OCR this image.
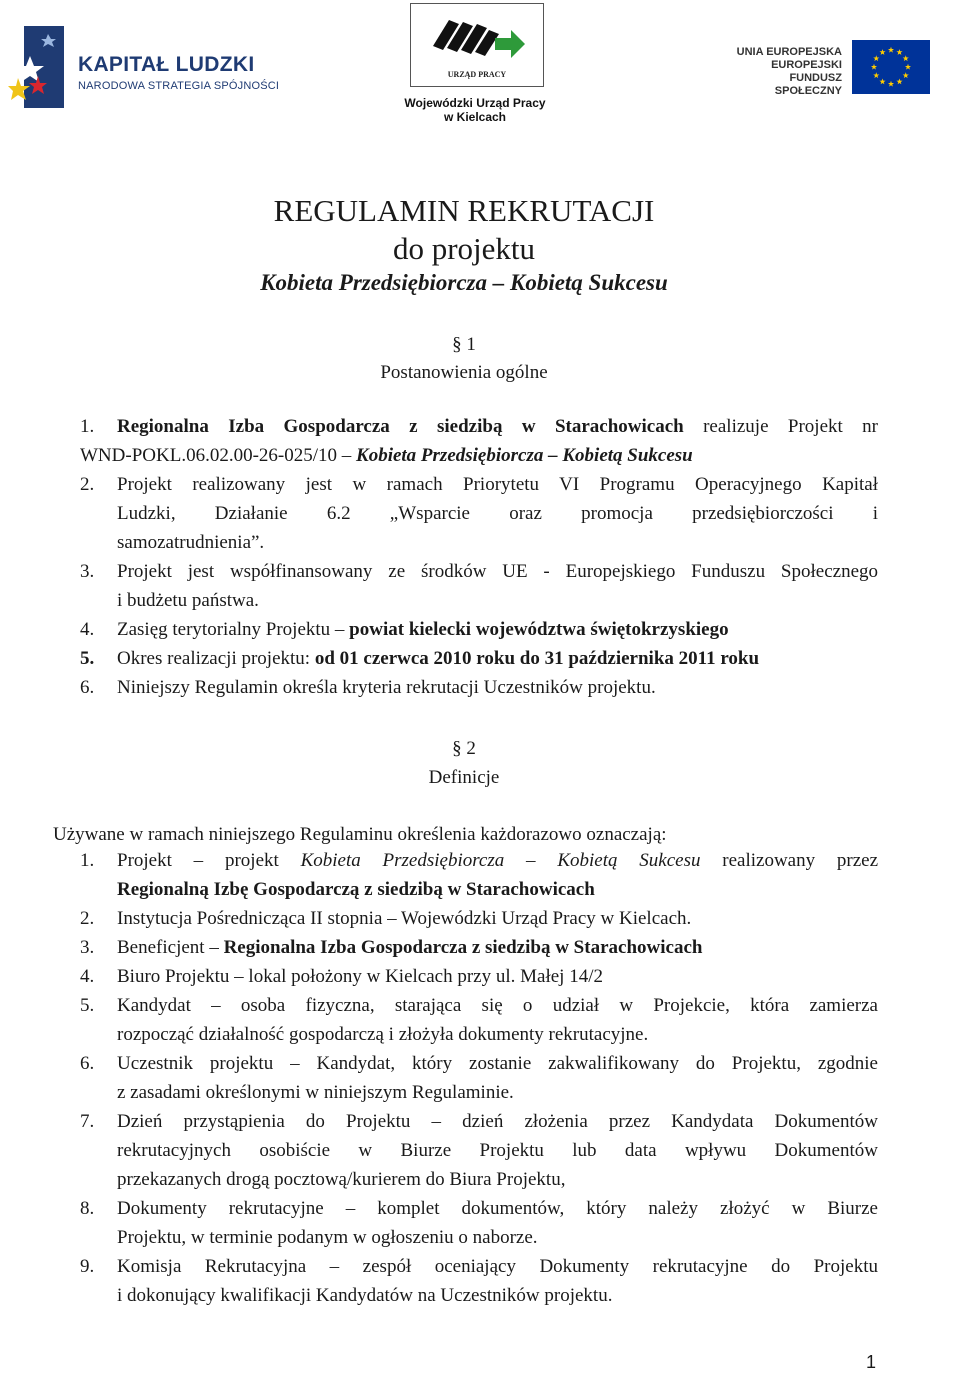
KAPITAŁ LUDZKI
NARODOWA STRATEGIA SPÓJNOŚCI
URZĄD PRACY
Wojewódzki Urząd Pracy
w Kielcach
UNIA EUROPEJSKA
EUROPEJSKI
FUNDUSZ SPOŁECZNY
REGULAMIN REKRUTACJI
do projektu
Kobieta Przedsiębiorcza – Kobietą Sukcesu
§ 1
Postanowienia ogólne
1. Regionalna Izba Gospodarcza z siedzibą w Starachowicach realizuje Projekt nr
WND-POKL.06.02.00-26-025/10 – Kobieta Przedsiębiorcza – Kobietą Sukcesu
2. Projekt realizowany jest w ramach Priorytetu VI Programu Operacyjnego Kapitał
Ludzki, Działanie 6.2 „Wsparcie oraz promocja przedsiębiorczości i
samozatrudnienia”.
3. Projekt jest współfinansowany ze środków UE - Europejskiego Funduszu Społecznego
i budżetu państwa.
4. Zasięg terytorialny Projektu – powiat kielecki województwa świętokrzyskiego
5. Okres realizacji projektu: od 01 czerwca 2010 roku do 31 października 2011 roku
6. Niniejszy Regulamin określa kryteria rekrutacji Uczestników projektu.
§ 2
Definicje
Używane w ramach niniejszego Regulaminu określenia każdorazowo oznaczają:
1. Projekt – projekt Kobieta Przedsiębiorcza – Kobietą Sukcesu realizowany przez
Regionalną Izbę Gospodarczą z siedzibą w Starachowicach
2. Instytucja Pośrednicząca II stopnia – Wojewódzki Urząd Pracy w Kielcach.
3. Beneficjent – Regionalna Izba Gospodarcza z siedzibą w Starachowicach
4. Biuro Projektu – lokal położony w Kielcach przy ul. Małej 14/2
5. Kandydat – osoba fizyczna, starająca się o udział w Projekcie, która zamierza
rozpocząć działalność gospodarczą i złożyła dokumenty rekrutacyjne.
6. Uczestnik projektu – Kandydat, który zostanie zakwalifikowany do Projektu, zgodnie
z zasadami określonymi w niniejszym Regulaminie.
7. Dzień przystąpienia do Projektu – dzień złożenia przez Kandydata Dokumentów
rekrutacyjnych osobiście w Biurze Projektu lub data wpływu Dokumentów
przekazanych drogą pocztową/kurierem do Biura Projektu,
8. Dokumenty rekrutacyjne – komplet dokumentów, który należy złożyć w Biurze
Projektu, w terminie podanym w ogłoszeniu o naborze.
9. Komisja Rekrutacyjna – zespół oceniający Dokumenty rekrutacyjne do Projektu
i dokonujący kwalifikacji Kandydatów na Uczestników projektu.
1
